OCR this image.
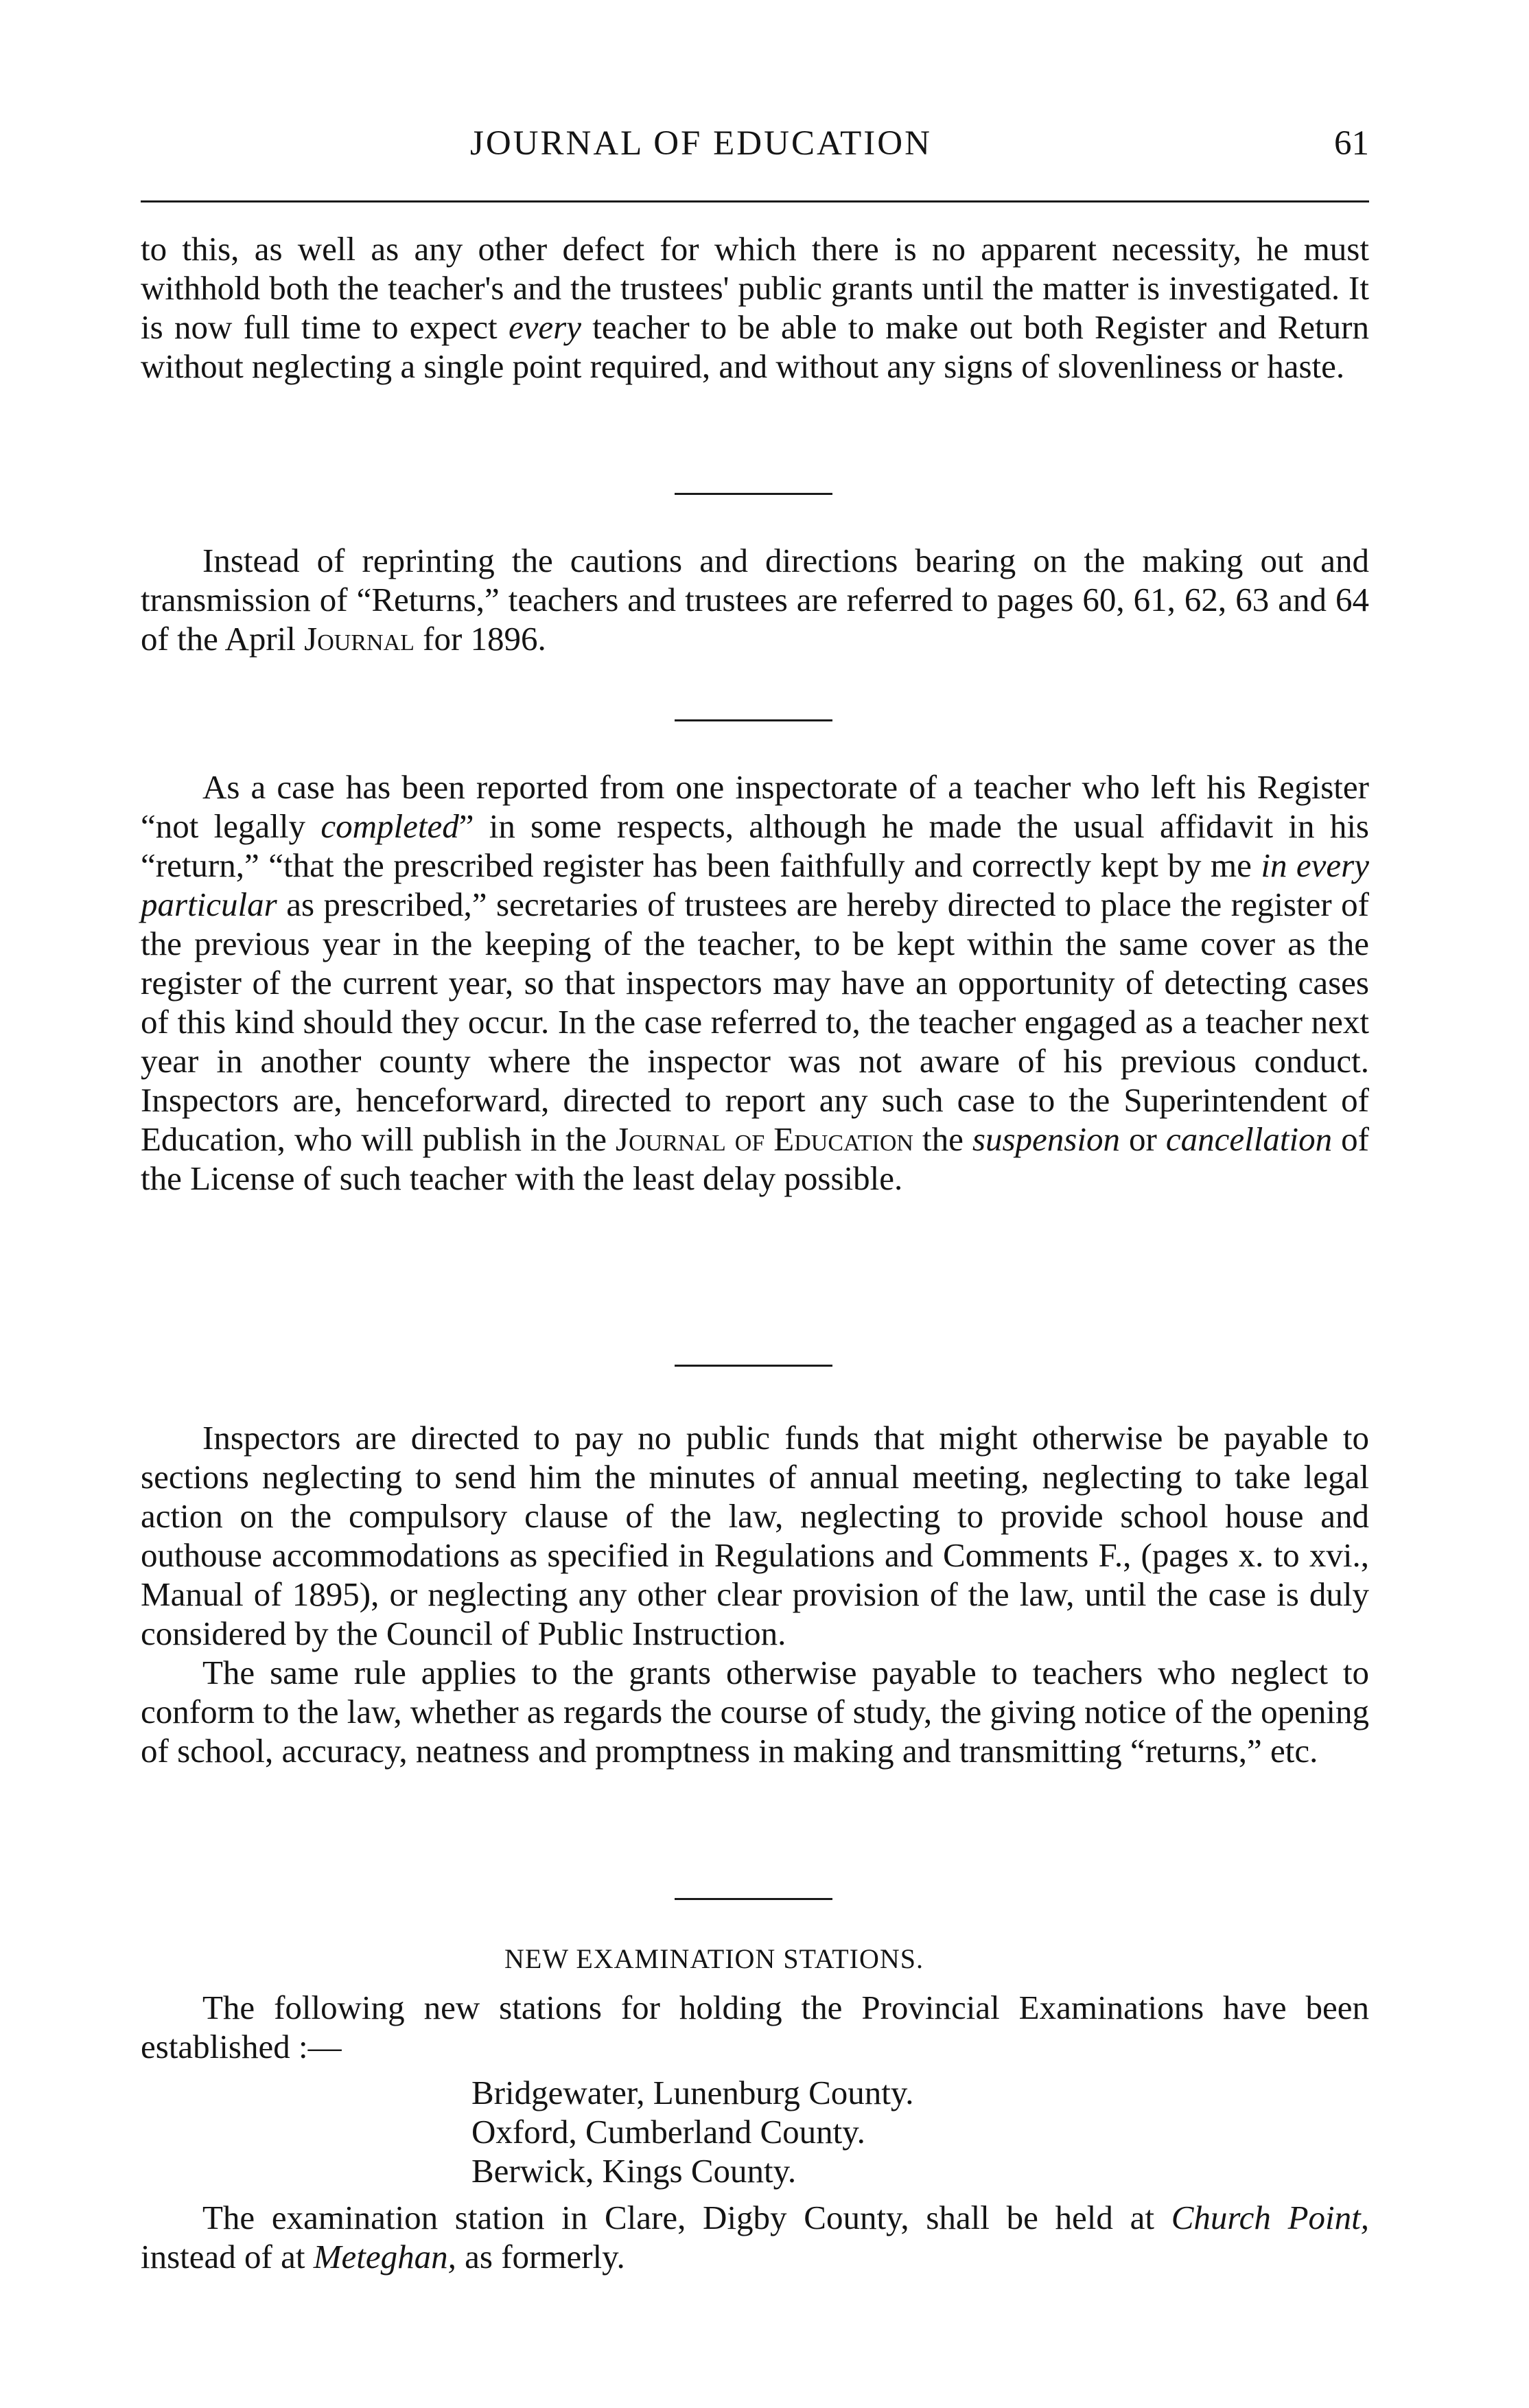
JOURNAL OF EDUCATION	61

to this, as well as any other defect for which there is no apparent necessity, he must withhold both the teacher's and the trustees' public grants until the matter is investigated. It is now full time to expect every teacher to be able to make out both Register and Return without neglecting a single point required, and without any signs of slovenliness or haste.

Instead of reprinting the cautions and directions bearing on the making out and transmission of “Returns,” teachers and trustees are referred to pages 60, 61, 62, 63 and 64 of the April Journal for 1896.

As a case has been reported from one inspectorate of a teacher who left his Register “not legally completed” in some respects, although he made the usual affidavit in his “return,” “that the prescribed register has been faithfully and correctly kept by me in every particular as prescribed,” secretaries of trustees are hereby directed to place the register of the previous year in the keeping of the teacher, to be kept within the same cover as the register of the current year, so that inspectors may have an opportunity of detecting cases of this kind should they occur. In the case referred to, the teacher engaged as a teacher next year in another county where the inspector was not aware of his previous conduct. Inspectors are, henceforward, directed to report any such case to the Superintendent of Education, who will publish in the Journal of Education the suspension or cancellation of the License of such teacher with the least delay possible.

Inspectors are directed to pay no public funds that might otherwise be payable to sections neglecting to send him the minutes of annual meeting, neglecting to take legal action on the compulsory clause of the law, neglecting to provide school house and outhouse accommodations as specified in Regulations and Comments F., (pages x. to xvi., Manual of 1895), or neglecting any other clear provision of the law, until the case is duly considered by the Council of Public Instruction.

The same rule applies to the grants otherwise payable to teachers who neglect to conform to the law, whether as regards the course of study, the giving notice of the opening of school, accuracy, neatness and promptness in making and transmitting “returns,” etc.

NEW EXAMINATION STATIONS.

The following new stations for holding the Provincial Examinations have been established :—

Bridgewater, Lunenburg County.
Oxford, Cumberland County.
Berwick, Kings County.

The examination station in Clare, Digby County, shall be held at Church Point, instead of at Meteghan, as formerly.
